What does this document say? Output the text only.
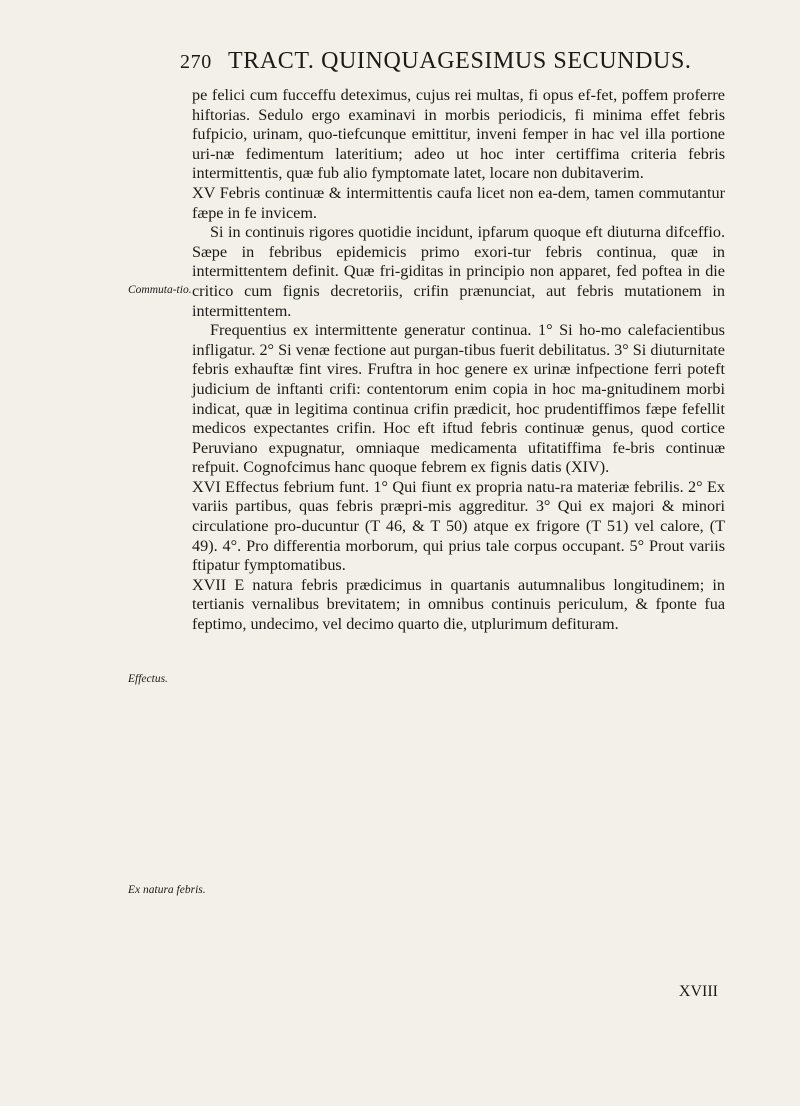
270 TRACT. QUINQUAGESIMUS SECUNDUS.
Commuta-tio.
Effectus.
Ex natura febris.

pe felici cum fucceffu deteximus, cujus rei multas, fi opus ef-fet, poffem proferre hiftorias. Sedulo ergo examinavi in morbis periodicis, fi minima effet febris fufpicio, urinam, quo-tiefcunque emittitur, inveni femper in hac vel illa portione uri-næ fedimentum lateritium; adeo ut hoc inter certiffima criteria febris intermittentis, quæ fub alio fymptomate latet, locare non dubitaverim.

XV Febris continuæ & intermittentis caufa licet non ea-dem, tamen commutantur fæpe in fe invicem.

Si in continuis rigores quotidie incidunt, ipfarum quoque eft diuturna difceffio. Sæpe in febribus epidemicis primo exori-tur febris continua, quæ in intermittentem definit. Quæ fri-giditas in principio non apparet, fed poftea in die critico cum fignis decretoriis, crifin prænunciat, aut febris mutationem in intermittentem.

Frequentius ex intermittente generatur continua. 1° Si ho-mo calefacientibus infligatur. 2° Si venæ fectione aut purgan-tibus fuerit debilitatus. 3° Si diuturnitate febris exhauftæ fint vires. Fruftra in hoc genere ex urinæ infpectione ferri poteft judicium de inftanti crifi: contentorum enim copia in hoc ma-gnitudinem morbi indicat, quæ in legitima continua crifin prædicit, hoc prudentiffimos fæpe fefellit medicos expectantes crifin. Hoc eft iftud febris continuæ genus, quod cortice Peruviano expugnatur, omniaque medicamenta ufitatiffima fe-bris continuæ refpuit. Cognofcimus hanc quoque febrem ex fignis datis (XIV).

XVI Effectus febrium funt. 1° Qui fiunt ex propria natu-ra materiæ febrilis. 2° Ex variis partibus, quas febris præpri-mis aggreditur. 3° Qui ex majori & minori circulatione pro-ducuntur (T 46, & T 50) atque ex frigore (T 51) vel calore, (T 49). 4°. Pro differentia morborum, qui prius tale corpus occupant. 5° Prout variis ftipatur fymptomatibus.

XVII E natura febris prædicimus in quartanis autumnalibus longitudinem; in tertianis vernalibus brevitatem; in omnibus continuis periculum, & fponte fua feptimo, undecimo, vel decimo quarto die, utplurimum defituram.

XVIII
